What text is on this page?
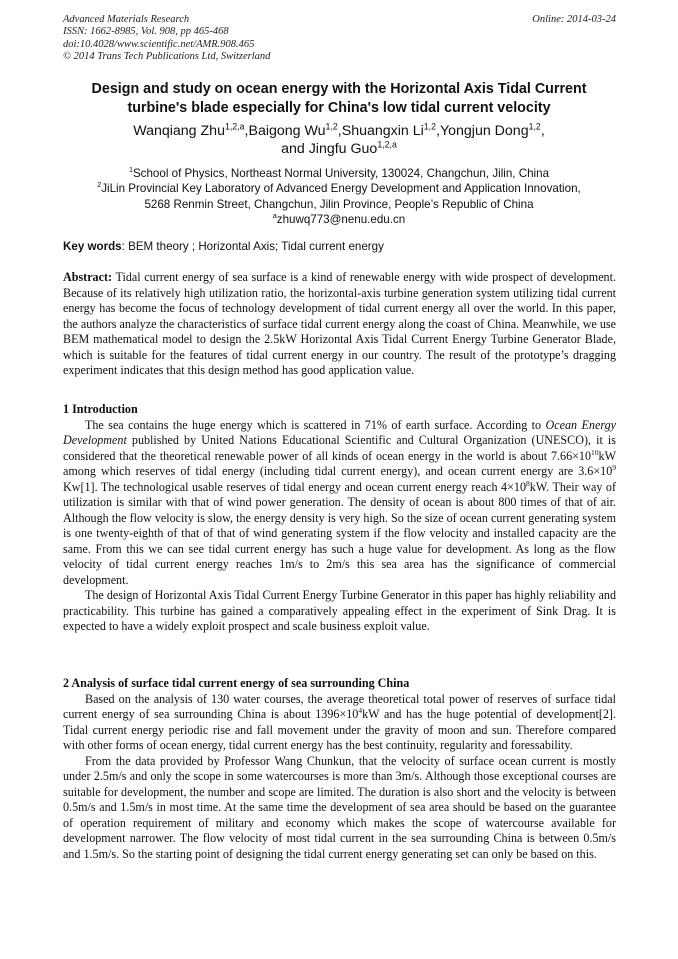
Advanced Materials Research
ISSN: 1662-8985, Vol. 908, pp 465-468
doi:10.4028/www.scientific.net/AMR.908.465
© 2014 Trans Tech Publications Ltd, Switzerland
Online: 2014-03-24
Design and study on ocean energy with the Horizontal Axis Tidal Current
turbine's blade especially for China's low tidal current velocity
Wanqiang Zhu$^{1,2,a}$,Baigong Wu$^{1,2}$,Shuangxin Li$^{1,2}$,Yongjun Dong$^{1,2}$,
and Jingfu Guo$^{1,2,a}$
$^1$School of Physics, Northeast Normal University, 130024, Changchun, Jilin, China
$^2$JiLin Provincial Key Laboratory of Advanced Energy Development and Application Innovation,
5268 Renmin Street, Changchun, Jilin Province, People’s Republic of China
$^a$zhuwq773@nenu.edu.cn
Key words: BEM theory ; Horizontal Axis; Tidal current energy

Abstract: Tidal current energy of sea surface is a kind of renewable energy with wide prospect of development. Because of its relatively high utilization ratio, the horizontal-axis turbine generation system utilizing tidal current energy has become the focus of technology development of tidal current energy all over the world. In this paper, the authors analyze the characteristics of surface tidal current energy along the coast of China. Meanwhile, we use BEM mathematical model to design the 2.5kW Horizontal Axis Tidal Current Energy Turbine Generator Blade, which is suitable for the features of tidal current energy in our country. The result of the prototype’s dragging experiment indicates that this design method has good application value.

1 Introduction

The sea contains the huge energy which is scattered in 71% of earth surface. According to Ocean Energy Development published by United Nations Educational Scientific and Cultural Organization (UNESCO), it is considered that the theoretical renewable power of all kinds of ocean energy in the world is about $7.66\times 10^{10}kW$ among which reserves of tidal energy (including tidal current energy), and ocean current energy are $3.6\times 10^9$ Kw[1]. The technological usable reserves of tidal energy and ocean current energy reach $4\times 10^8kW$. Their way of utilization is similar with that of wind power generation. The density of ocean is about 800 times of that of air. Although the flow velocity is slow, the energy density is very high. So the size of ocean current generating system is one twenty-eighth of that of that of wind generating system if the flow velocity and installed capacity are the same. From this we can see tidal current energy has such a huge value for development. As long as the flow velocity of tidal current energy reaches 1m/s to 2m/s this sea area has the significance of commercial development.

The design of Horizontal Axis Tidal Current Energy Turbine Generator in this paper has highly reliability and practicability. This turbine has gained a comparatively appealing effect in the experiment of Sink Drag. It is expected to have a widely exploit prospect and scale business exploit value.

2 Analysis of surface tidal current energy of sea surrounding China

Based on the analysis of 130 water courses, the average theoretical total power of reserves of surface tidal current energy of sea surrounding China is about $1396\times 10^4kW$ and has the huge potential of development[2]. Tidal current energy periodic rise and fall movement under the gravity of moon and sun. Therefore compared with other forms of ocean energy, tidal current energy has the best continuity, regularity and foressability.

From the data provided by Professor Wang Chunkun, that the velocity of surface ocean current is mostly under 2.5m/s and only the scope in some watercourses is more than 3m/s. Although those exceptional courses are suitable for development, the number and scope are limited. The duration is also short and the velocity is between 0.5m/s and 1.5m/s in most time. At the same time the development of sea area should be based on the guarantee of operation requirement of military and economy which makes the scope of watercourse available for development narrower. The flow velocity of most tidal current in the sea surrounding China is between 0.5m/s and 1.5m/s. So the starting point of designing the tidal current energy generating set can only be based on this.
